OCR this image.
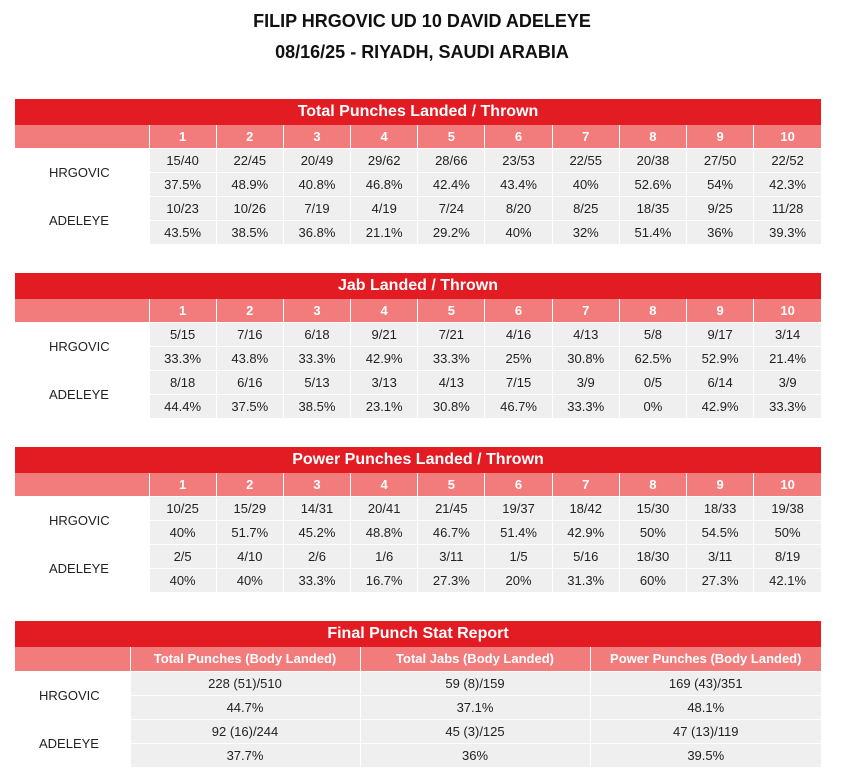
FILIP HRGOVIC UD 10 DAVID ADELEYE
08/16/25 - RIYADH, SAUDI ARABIA
Total Punches Landed / Thrown
	1	2	3	4	5	6	7	8	9	10
HRGOVIC	15/40	22/45	20/49	29/62	28/66	23/53	22/55	20/38	27/50	22/52
	37.5%	48.9%	40.8%	46.8%	42.4%	43.4%	40%	52.6%	54%	42.3%
ADELEYE	10/23	10/26	7/19	4/19	7/24	8/20	8/25	18/35	9/25	11/28
	43.5%	38.5%	36.8%	21.1%	29.2%	40%	32%	51.4%	36%	39.3%
Jab Landed / Thrown
	1	2	3	4	5	6	7	8	9	10
HRGOVIC	5/15	7/16	6/18	9/21	7/21	4/16	4/13	5/8	9/17	3/14
	33.3%	43.8%	33.3%	42.9%	33.3%	25%	30.8%	62.5%	52.9%	21.4%
ADELEYE	8/18	6/16	5/13	3/13	4/13	7/15	3/9	0/5	6/14	3/9
	44.4%	37.5%	38.5%	23.1%	30.8%	46.7%	33.3%	0%	42.9%	33.3%
Power Punches Landed / Thrown
	1	2	3	4	5	6	7	8	9	10
HRGOVIC	10/25	15/29	14/31	20/41	21/45	19/37	18/42	15/30	18/33	19/38
	40%	51.7%	45.2%	48.8%	46.7%	51.4%	42.9%	50%	54.5%	50%
ADELEYE	2/5	4/10	2/6	1/6	3/11	1/5	5/16	18/30	3/11	8/19
	40%	40%	33.3%	16.7%	27.3%	20%	31.3%	60%	27.3%	42.1%
Final Punch Stat Report
	Total Punches (Body Landed)	Total Jabs (Body Landed)	Power Punches (Body Landed)
HRGOVIC	228 (51)/510	59 (8)/159	169 (43)/351
	44.7%	37.1%	48.1%
ADELEYE	92 (16)/244	45 (3)/125	47 (13)/119
	37.7%	36%	39.5%
